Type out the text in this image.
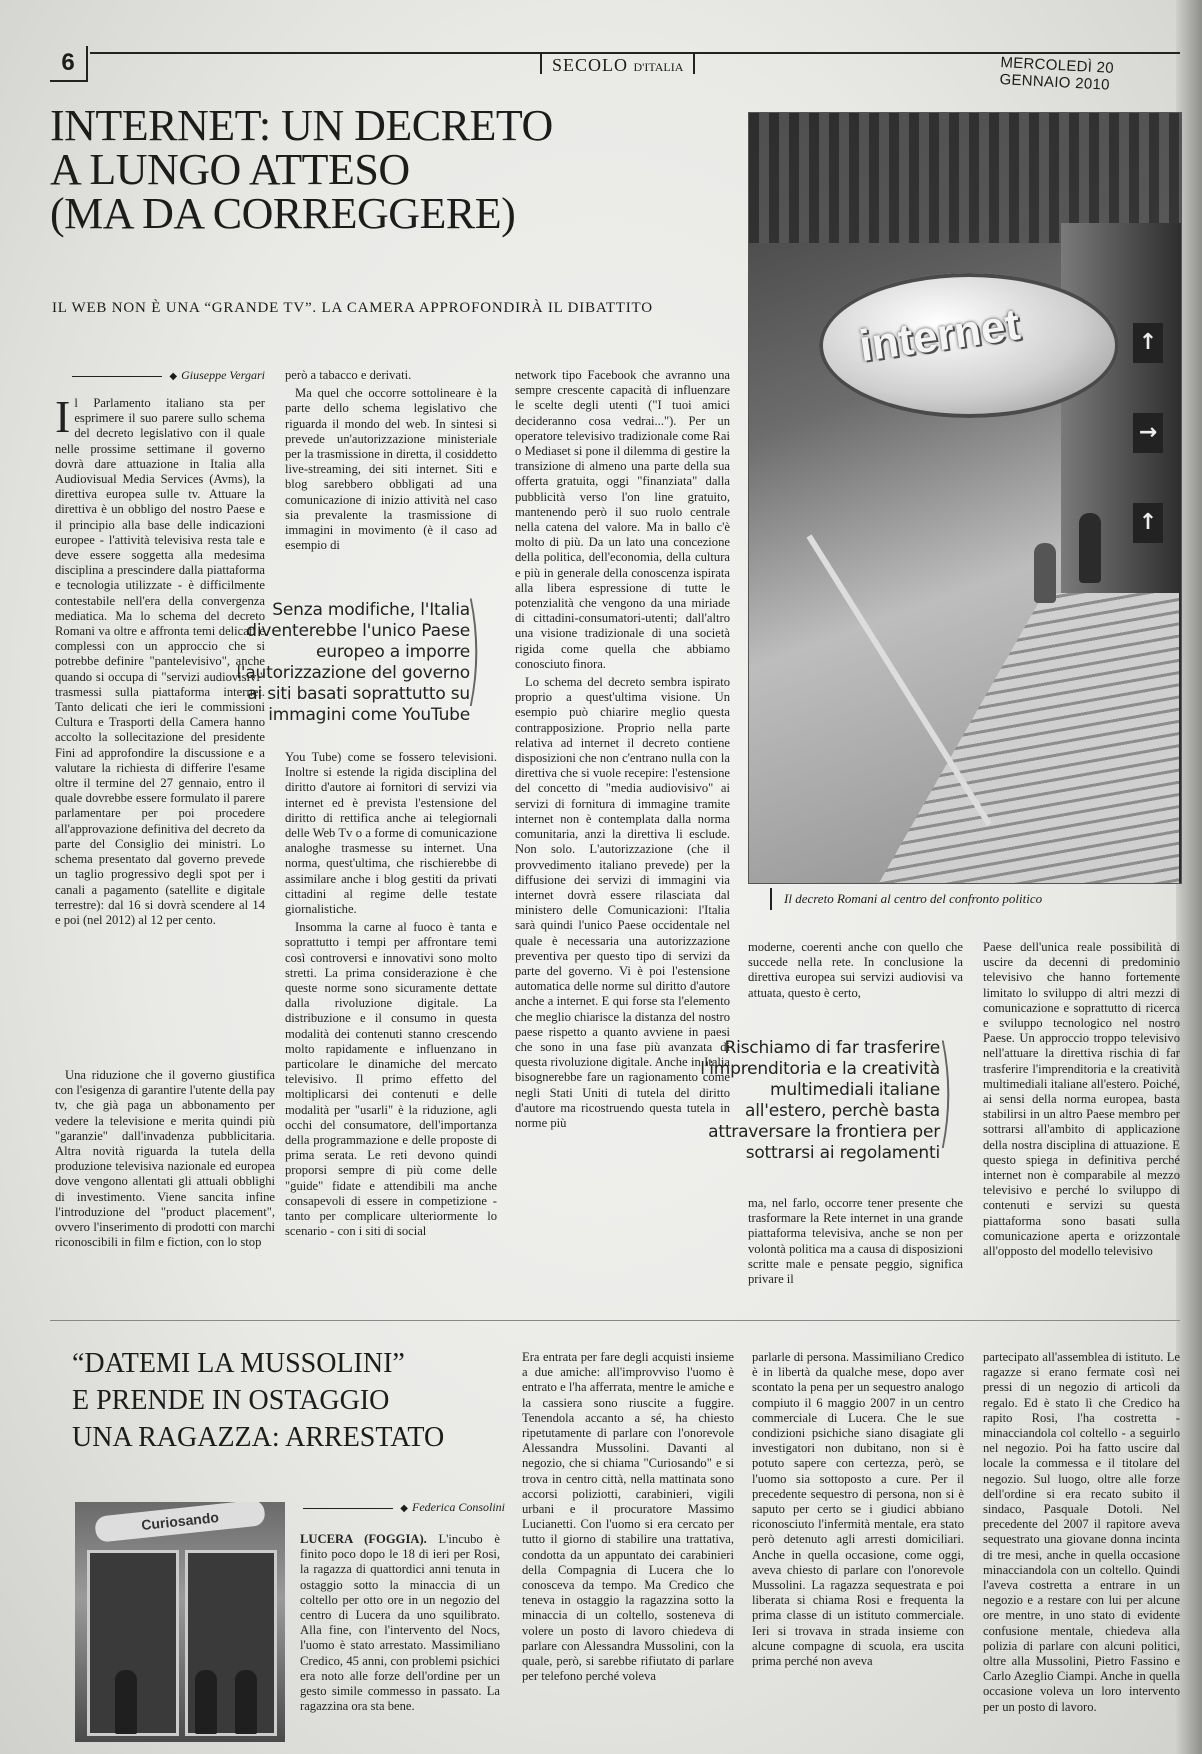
6	SECOLO D'ITALIA	MERCOLEDÌ 20 GENNAIO 2010
INTERNET: UN DECRETO
A LUNGO ATTESO
(MA DA CORREGGERE)

IL WEB NON È UNA “GRANDE TV”. LA CAMERA APPROFONDIRÀ IL DIBATTITO	internet	↑
→
↑
Il decreto Romani al centro del confronto politico
◆ Giuseppe Vergari

Il Parlamento italiano sta per esprimere il suo parere sullo schema del decreto legislativo con il quale nelle prossime settimane il governo dovrà dare attuazione in Italia alla Audiovisual Media Services (Avms), la direttiva europea sulle tv. Attuare la direttiva è un obbligo del nostro Paese e il principio alla base delle indicazioni europee - l'attività televisiva resta tale e deve essere soggetta alla medesima disciplina a prescindere dalla piattaforma e tecnologia utilizzate - è difficilmente contestabile nell'era della convergenza mediatica. Ma lo schema del decreto Romani va oltre e affronta temi delicati e complessi con un approccio che si potrebbe definire "pantelevisivo", anche quando si occupa di "servizi audiovisivi" trasmessi sulla piattaforma internet. Tanto delicati che ieri le commissioni Cultura e Trasporti della Camera hanno accolto la sollecitazione del presidente Fini ad approfondire la discussione e a valutare la richiesta di differire l'esame oltre il termine del 27 gennaio, entro il quale dovrebbe essere formulato il parere parlamentare per poi procedere all'approvazione definitiva del decreto da parte del Consiglio dei ministri. Lo schema presentato dal governo prevede un taglio progressivo degli spot per i canali a pagamento (satellite e digitale terrestre): dal 16 si dovrà scendere al 14 e poi (nel 2012) al 12 per cento.

Una riduzione che il governo giustifica con l'esigenza di garantire l'utente della pay tv, che già paga un abbonamento per vedere la televisione e merita quindi più "garanzie" dall'invadenza pubblicitaria. Altra novità riguarda la tutela della produzione televisiva nazionale ed europea dove vengono allentati gli attuali obblighi di investimento. Viene sancita infine l'introduzione del "product placement", ovvero l'inserimento di prodotti con marchi riconoscibili in film e fiction, con lo stop

Senza modifiche, l'Italia diventerebbe l'unico Paese europeo a imporre l'autorizzazione del governo ai siti basati soprattutto su immagini come YouTube
)

però a tabacco e derivati.

Ma quel che occorre sottolineare è la parte dello schema legislativo che riguarda il mondo del web. In sintesi si prevede un'autorizzazione ministeriale per la trasmissione in diretta, il cosiddetto live-streaming, dei siti internet. Siti e blog sarebbero obbligati ad una comunicazione di inizio attività nel caso sia prevalente la trasmissione di immagini in movimento (è il caso ad esempio di

You Tube) come se fossero televisioni. Inoltre si estende la rigida disciplina del diritto d'autore ai fornitori di servizi via internet ed è prevista l'estensione del diritto di rettifica anche ai telegiornali delle Web Tv o a forme di comunicazione analoghe trasmesse su internet. Una norma, quest'ultima, che rischierebbe di assimilare anche i blog gestiti da privati cittadini al regime delle testate giornalistiche.

Insomma la carne al fuoco è tanta e soprattutto i tempi per affrontare temi così controversi e innovativi sono molto stretti. La prima considerazione è che queste norme sono sicuramente dettate dalla rivoluzione digitale. La distribuzione e il consumo in questa modalità dei contenuti stanno crescendo molto rapidamente e influenzano in particolare le dinamiche del mercato televisivo. Il primo effetto del moltiplicarsi dei contenuti e delle modalità per "usarli" è la riduzione, agli occhi del consumatore, dell'importanza della programmazione e delle proposte di prima serata. Le reti devono quindi proporsi sempre di più come delle "guide" fidate e attendibili ma anche consapevoli di essere in competizione - tanto per complicare ulteriormente lo scenario - con i siti di social

network tipo Facebook che avranno una sempre crescente capacità di influenzare le scelte degli utenti ("I tuoi amici decideranno cosa vedrai..."). Per un operatore televisivo tradizionale come Rai o Mediaset si pone il dilemma di gestire la transizione di almeno una parte della sua offerta gratuita, oggi "finanziata" dalla pubblicità verso l'on line gratuito, mantenendo però il suo ruolo centrale nella catena del valore. Ma in ballo c'è molto di più. Da un lato una concezione della politica, dell'economia, della cultura e più in generale della conoscenza ispirata alla libera espressione di tutte le potenzialità che vengono da una miriade di cittadini-consumatori-utenti; dall'altro una visione tradizionale di una società rigida come quella che abbiamo conosciuto finora.

Lo schema del decreto sembra ispirato proprio a quest'ultima visione. Un esempio può chiarire meglio questa contrapposizione. Proprio nella parte relativa ad internet il decreto contiene disposizioni che non c'entrano nulla con la direttiva che si vuole recepire: l'estensione del concetto di "media audiovisivo" ai servizi di fornitura di immagine tramite internet non è contemplata dalla norma comunitaria, anzi la direttiva li esclude. Non solo. L'autorizzazione (che il provvedimento italiano prevede) per la diffusione dei servizi di immagini via internet dovrà essere rilasciata dal ministero delle Comunicazioni: l'Italia sarà quindi l'unico Paese occidentale nel quale è necessaria una autorizzazione preventiva per questo tipo di servizi da parte del governo. Vi è poi l'estensione automatica delle norme sul diritto d'autore anche a internet. E qui forse sta l'elemento che meglio chiarisce la distanza del nostro paese rispetto a quanto avviene in paesi che sono in una fase più avanzata di questa rivoluzione digitale. Anche in Italia bisognerebbe fare un ragionamento come negli Stati Uniti di tutela del diritto d'autore ma ricostruendo questa tutela in norme più

moderne, coerenti anche con quello che succede nella rete. In conclusione la direttiva europea sui servizi audiovisi va attuata, questo è certo,

Rischiamo di far trasferire l'imprenditoria e la creatività multimediali italiane all'estero, perchè basta attraversare la frontiera per sottrarsi ai regolamenti
)

ma, nel farlo, occorre tener presente che trasformare la Rete internet in una grande piattaforma televisiva, anche se non per volontà politica ma a causa di disposizioni scritte male e pensate peggio, significa privare il

Paese dell'unica reale possibilità di uscire da decenni di predominio televisivo che hanno fortemente limitato lo sviluppo di altri mezzi di comunicazione e soprattutto di ricerca e sviluppo tecnologico nel nostro Paese. Un approccio troppo televisivo nell'attuare la direttiva rischia di far trasferire l'imprenditoria e la creatività multimediali italiane all'estero. Poiché, ai sensi della norma europea, basta stabilirsi in un altro Paese membro per sottrarsi all'ambito di applicazione della nostra disciplina di attuazione. E questo spiega in definitiva perché internet non è comparabile al mezzo televisivo e perché lo sviluppo di contenuti e servizi su questa piattaforma sono basati sulla comunicazione aperta e orizzontale all'opposto del modello televisivo

“DATEMI LA MUSSOLINI”
E PRENDE IN OSTAGGIO
UNA RAGAZZA: ARRESTATO
◆ Federica Consolini
Curiosando

LUCERA (FOGGIA). L'incubo è finito poco dopo le 18 di ieri per Rosi, la ragazza di quattordici anni tenuta in ostaggio sotto la minaccia di un coltello per otto ore in un negozio del centro di Lucera da uno squilibrato. Alla fine, con l'intervento del Nocs, l'uomo è stato arrestato. Massimiliano Credico, 45 anni, con problemi psichici era noto alle forze dell'ordine per un gesto simile commesso in passato. La ragazzina ora sta bene.

Era entrata per fare degli acquisti insieme a due amiche: all'improvviso l'uomo è entrato e l'ha afferrata, mentre le amiche e la cassiera sono riuscite a fuggire. Tenendola accanto a sé, ha chiesto ripetutamente di parlare con l'onorevole Alessandra Mussolini. Davanti al negozio, che si chiama "Curiosando" e si trova in centro città, nella mattinata sono accorsi poliziotti, carabinieri, vigili urbani e il procuratore Massimo Lucianetti. Con l'uomo si era cercato per tutto il giorno di stabilire una trattativa, condotta da un appuntato dei carabinieri della Compagnia di Lucera che lo conosceva da tempo. Ma Credico che teneva in ostaggio la ragazzina sotto la minaccia di un coltello, sosteneva di volere un posto di lavoro chiedeva di parlare con Alessandra Mussolini, con la quale, però, si sarebbe rifiutato di parlare per telefono perché voleva

parlarle di persona. Massimiliano Credico è in libertà da qualche mese, dopo aver scontato la pena per un sequestro analogo compiuto il 6 maggio 2007 in un centro commerciale di Lucera. Che le sue condizioni psichiche siano disagiate gli investigatori non dubitano, non si è potuto sapere con certezza, però, se l'uomo sia sottoposto a cure. Per il precedente sequestro di persona, non si è saputo per certo se i giudici abbiano riconosciuto l'infermità mentale, era stato però detenuto agli arresti domiciliari. Anche in quella occasione, come oggi, aveva chiesto di parlare con l'onorevole Mussolini. La ragazza sequestrata e poi liberata si chiama Rosi e frequenta la prima classe di un istituto commerciale. Ieri si trovava in strada insieme con alcune compagne di scuola, era uscita prima perché non aveva

partecipato all'assemblea di istituto. Le ragazze si erano fermate così nei pressi di un negozio di articoli da regalo. Ed è stato lì che Credico ha rapito Rosi, l'ha costretta - minacciandola col coltello - a seguirlo nel negozio. Poi ha fatto uscire dal locale la commessa e il titolare del negozio. Sul luogo, oltre alle forze dell'ordine si era recato subito il sindaco, Pasquale Dotoli. Nel precedente del 2007 il rapitore aveva sequestrato una giovane donna incinta di tre mesi, anche in quella occasione minacciandola con un coltello. Quindi l'aveva costretta a entrare in un negozio e a restare con lui per alcune ore mentre, in uno stato di evidente confusione mentale, chiedeva alla polizia di parlare con alcuni politici, oltre alla Mussolini, Pietro Fassino e Carlo Azeglio Ciampi. Anche in quella occasione voleva un loro intervento per un posto di lavoro.
